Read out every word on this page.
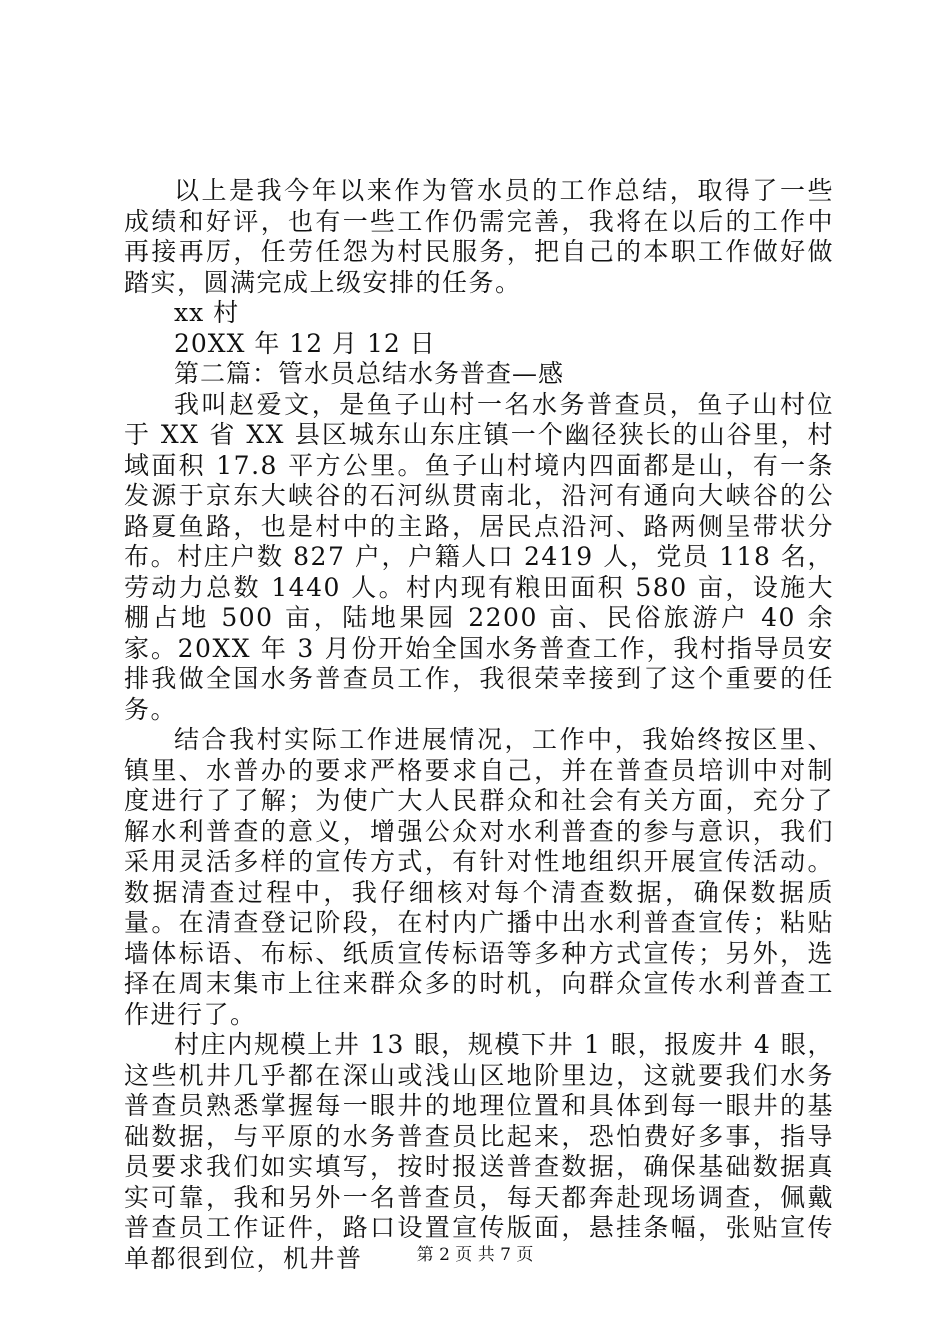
以上是我今年以来作为管水员的工作总结，取得了一些成绩和好评，也有一些工作仍需完善，我将在以后的工作中再接再厉，任劳任怨为村民服务，把自己的本职工作做好做踏实，圆满完成上级安排的任务。

xx 村

20XX 年 12 月 12 日

第二篇：管水员总结水务普查—感

我叫赵爱文，是鱼子山村一名水务普查员，鱼子山村位于 XX 省 XX 县区城东山东庄镇一个幽径狭长的山谷里，村域面积 17.8 平方公里。鱼子山村境内四面都是山，有一条发源于京东大峡谷的石河纵贯南北，沿河有通向大峡谷的公路夏鱼路，也是村中的主路，居民点沿河、路两侧呈带状分布。村庄户数 827 户，户籍人口 2419 人，党员 118 名，劳动力总数 1440 人。村内现有粮田面积 580 亩，设施大棚占地 500 亩，陆地果园 2200 亩、民俗旅游户 40 余家。20XX 年 3 月份开始全国水务普查工作，我村指导员安排我做全国水务普查员工作，我很荣幸接到了这个重要的任务。

结合我村实际工作进展情况，工作中，我始终按区里、镇里、水普办的要求严格要求自己，并在普查员培训中对制度进行了了解；为使广大人民群众和社会有关方面，充分了解水利普查的意义，增强公众对水利普查的参与意识，我们采用灵活多样的宣传方式，有针对性地组织开展宣传活动。数据清查过程中，我仔细核对每个清查数据，确保数据质量。在清查登记阶段，在村内广播中出水利普查宣传；粘贴墙体标语、布标、纸质宣传标语等多种方式宣传；另外，选择在周末集市上往来群众多的时机，向群众宣传水利普查工作进行了。

村庄内规模上井 13 眼，规模下井 1 眼，报废井 4 眼，这些机井几乎都在深山或浅山区地阶里边，这就要我们水务普查员熟悉掌握每一眼井的地理位置和具体到每一眼井的基础数据，与平原的水务普查员比起来，恐怕费好多事，指导员要求我们如实填写，按时报送普查数据，确保基础数据真实可靠，我和另外一名普查员，每天都奔赴现场调查，佩戴普查员工作证件，路口设置宣传版面，悬挂条幅，张贴宣传单都很到位，机井普	第 2 页 共 7 页
